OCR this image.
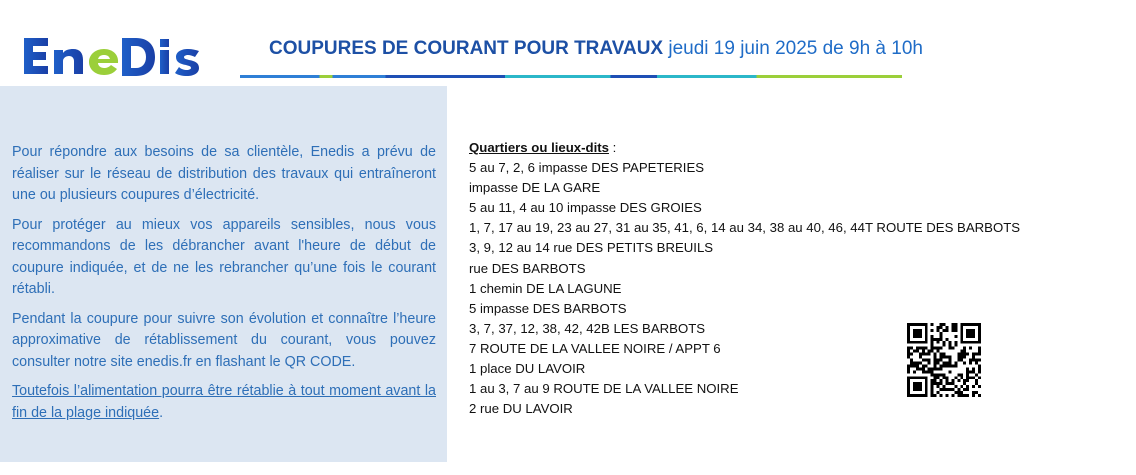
COUPURES DE COURANT POUR TRAVAUX jeudi 19 juin 2025 de 9h à 10h

Pour répondre aux besoins de sa clientèle, Enedis a prévu de réaliser sur le réseau de distribution des travaux qui entraîneront une ou plusieurs coupures d’électricité.

Pour protéger au mieux vos appareils sensibles, nous vous recommandons de les débrancher avant l'heure de début de coupure indiquée, et de ne les rebrancher qu’une fois le courant rétabli.

Pendant la coupure pour suivre son évolution et connaître l’heure approximative de rétablissement du courant, vous pouvez consulter notre site enedis.fr en flashant le QR CODE.

Toutefois l’alimentation pourra être rétablie à tout moment avant la fin de la plage indiquée.

Quartiers ou lieux-dits :
5 au 7, 2, 6 impasse DES PAPETERIES
impasse DE LA GARE
5 au 11, 4 au 10 impasse DES GROIES
1, 7, 17 au 19, 23 au 27, 31 au 35, 41, 6, 14 au 34, 38 au 40, 46, 44T ROUTE DES BARBOTS
3, 9, 12 au 14 rue DES PETITS BREUILS
rue DES BARBOTS
1 chemin DE LA LAGUNE
5 impasse DES BARBOTS
3, 7, 37, 12, 38, 42, 42B LES BARBOTS
7 ROUTE DE LA VALLEE NOIRE / APPT 6
1 place DU LAVOIR
1 au 3, 7 au 9 ROUTE DE LA VALLEE NOIRE
2 rue DU LAVOIR
